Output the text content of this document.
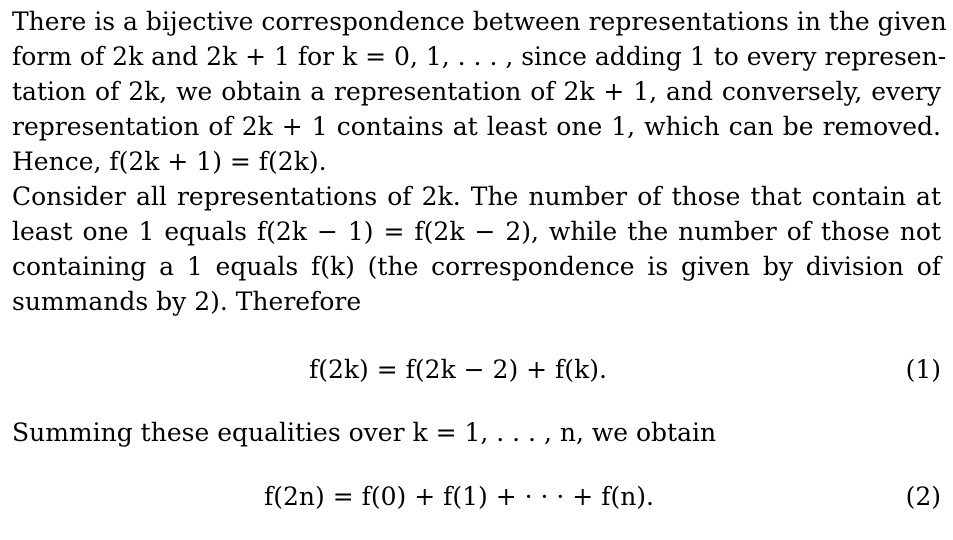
There is a bijective correspondence between representations in the given
form of 2k and 2k + 1 for k = 0, 1, . . . , since adding 1 to every represen-
tation of 2k, we obtain a representation of 2k + 1, and conversely, every
representation of 2k + 1 contains at least one 1, which can be removed.
Hence, f(2k + 1) = f(2k).
Consider all representations of 2k. The number of those that contain at
least one 1 equals f(2k − 1) = f(2k − 2), while the number of those not
containing a 1 equals f(k) (the correspondence is given by division of
summands by 2). Therefore
f(2k) = f(2k − 2) + f(k).	(1)
Summing these equalities over k = 1, . . . , n, we obtain
f(2n) = f(0) + f(1) + · · · + f(n).	(2)
